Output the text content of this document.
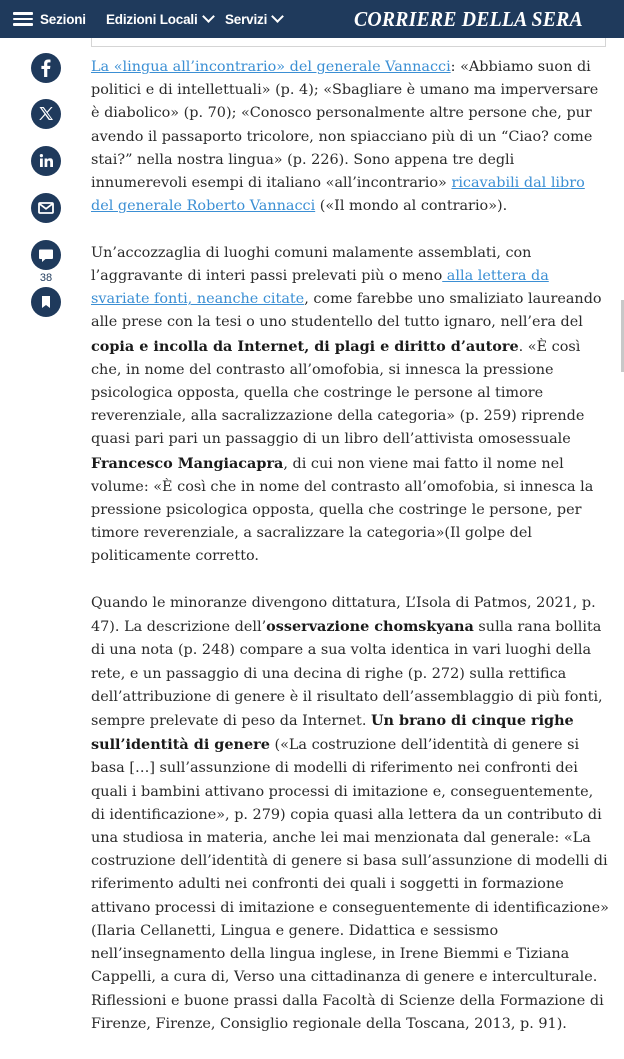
Sezioni Edizioni Locali Servizi	CORRIERE DELLA SERA
38

La «lingua all’incontrario» del generale Vannacci: «Abbiamo suon di politici e di intellettuali» (p. 4); «Sbagliare è umano ma imperversare è diabolico» (p. 70); «Conosco personalmente altre persone che, pur avendo il passaporto tricolore, non spiacciano più di un “Ciao? come stai?” nella nostra lingua» (p. 226). Sono appena tre degli innumerevoli esempi di italiano «all’incontrario» ricavabili dal libro del generale Roberto Vannacci («Il mondo al contrario»).

Un’accozzaglia di luoghi comuni malamente assemblati, con l’aggravante di interi passi prelevati più o meno alla lettera da svariate fonti, neanche citate, come farebbe uno smaliziato laureando alle prese con la tesi o uno studentello del tutto ignaro, nell’era del copia e incolla da Internet, di plagi e diritto d’autore. «È così che, in nome del contrasto all’omofobia, si innesca la pressione psicologica opposta, quella che costringe le persone al timore reverenziale, alla sacralizzazione della categoria» (p. 259) riprende quasi pari pari un passaggio di un libro dell’attivista omosessuale Francesco Mangiacapra, di cui non viene mai fatto il nome nel volume: «È così che in nome del contrasto all’omofobia, si innesca la pressione psicologica opposta, quella che costringe le persone, per timore reverenziale, a sacralizzare la categoria»(Il golpe del politicamente corretto.

Quando le minoranze divengono dittatura, L’Isola di Patmos, 2021, p. 47). La descrizione dell’osservazione chomskyana sulla rana bollita di una nota (p. 248) compare a sua volta identica in vari luoghi della rete, e un passaggio di una decina di righe (p. 272) sulla rettifica dell’attribuzione di genere è il risultato dell’assemblaggio di più fonti, sempre prelevate di peso da Internet. Un brano di cinque righe sull’identità di genere («La costruzione dell’identità di genere si basa […] sull’assunzione di modelli di riferimento nei confronti dei quali i bambini attivano processi di imitazione e, conseguentemente, di identificazione», p. 279) copia quasi alla lettera da un contributo di una studiosa in materia, anche lei mai menzionata dal generale: «La costruzione dell’identità di genere si basa sull’assunzione di modelli di riferimento adulti nei confronti dei quali i soggetti in formazione attivano processi di imitazione e conseguentemente di identificazione» (Ilaria Cellanetti, Lingua e genere. Didattica e sessismo nell’insegnamento della lingua inglese, in Irene Biemmi e Tiziana Cappelli, a cura di, Verso una cittadinanza di genere e interculturale. Riflessioni e buone prassi dalla Facoltà di Scienze della Formazione di Firenze, Firenze, Consiglio regionale della Toscana, 2013, p. 91).
